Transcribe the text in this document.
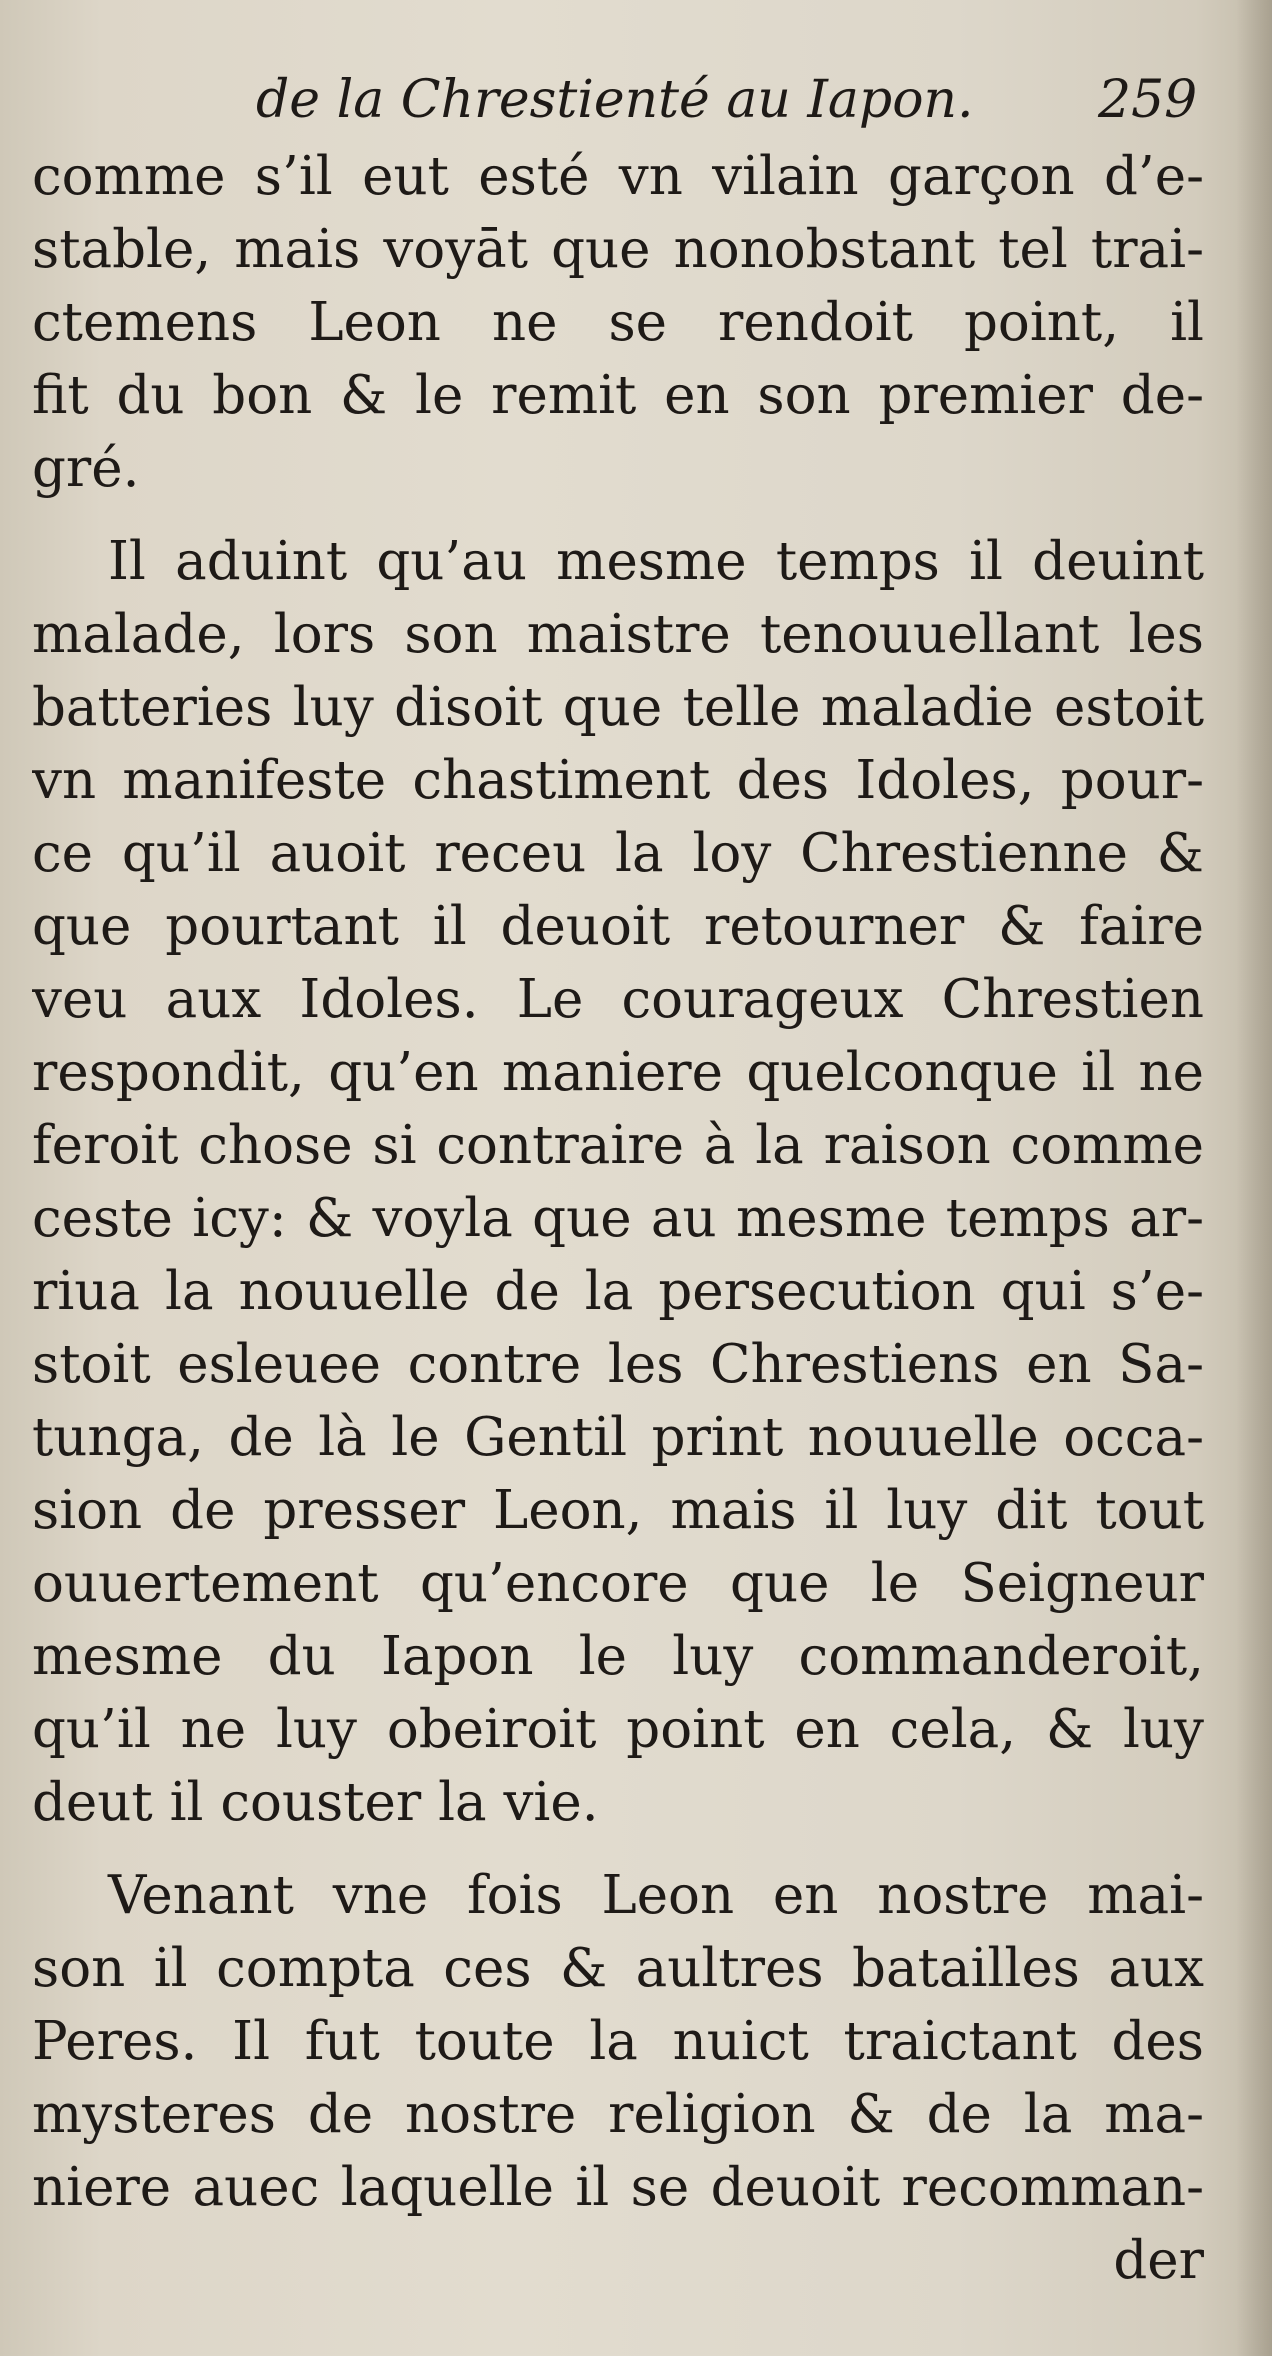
de la Chrestienté au Iapon. 259
comme s’il eut esté vn vilain garçon d’e-
stable, mais voyāt que nonobstant tel trai-
ctemens Leon ne se rendoit point, il
fit du bon & le remit en son premier de-
gré.
Il aduint qu’au mesme temps il deuint
malade, lors son maistre tenouuellant les
batteries luy disoit que telle maladie estoit
vn manifeste chastiment des Idoles, pour-
ce qu’il auoit receu la loy Chrestienne &
que pourtant il deuoit retourner & faire
veu aux Idoles. Le courageux Chrestien
respondit, qu’en maniere quelconque il ne
feroit chose si contraire à la raison comme
ceste icy: & voyla que au mesme temps ar-
riua la nouuelle de la persecution qui s’e-
stoit esleuee contre les Chrestiens en Sa-
tunga, de là le Gentil print nouuelle occa-
sion de presser Leon, mais il luy dit tout
ouuertement qu’encore que le Seigneur
mesme du Iapon le luy commanderoit,
qu’il ne luy obeiroit point en cela, & luy
deut il couster la vie.
Venant vne fois Leon en nostre mai-
son il compta ces & aultres batailles aux
Peres. Il fut toute la nuict traictant des
mysteres de nostre religion & de la ma-
niere auec laquelle il se deuoit recomman-
der
